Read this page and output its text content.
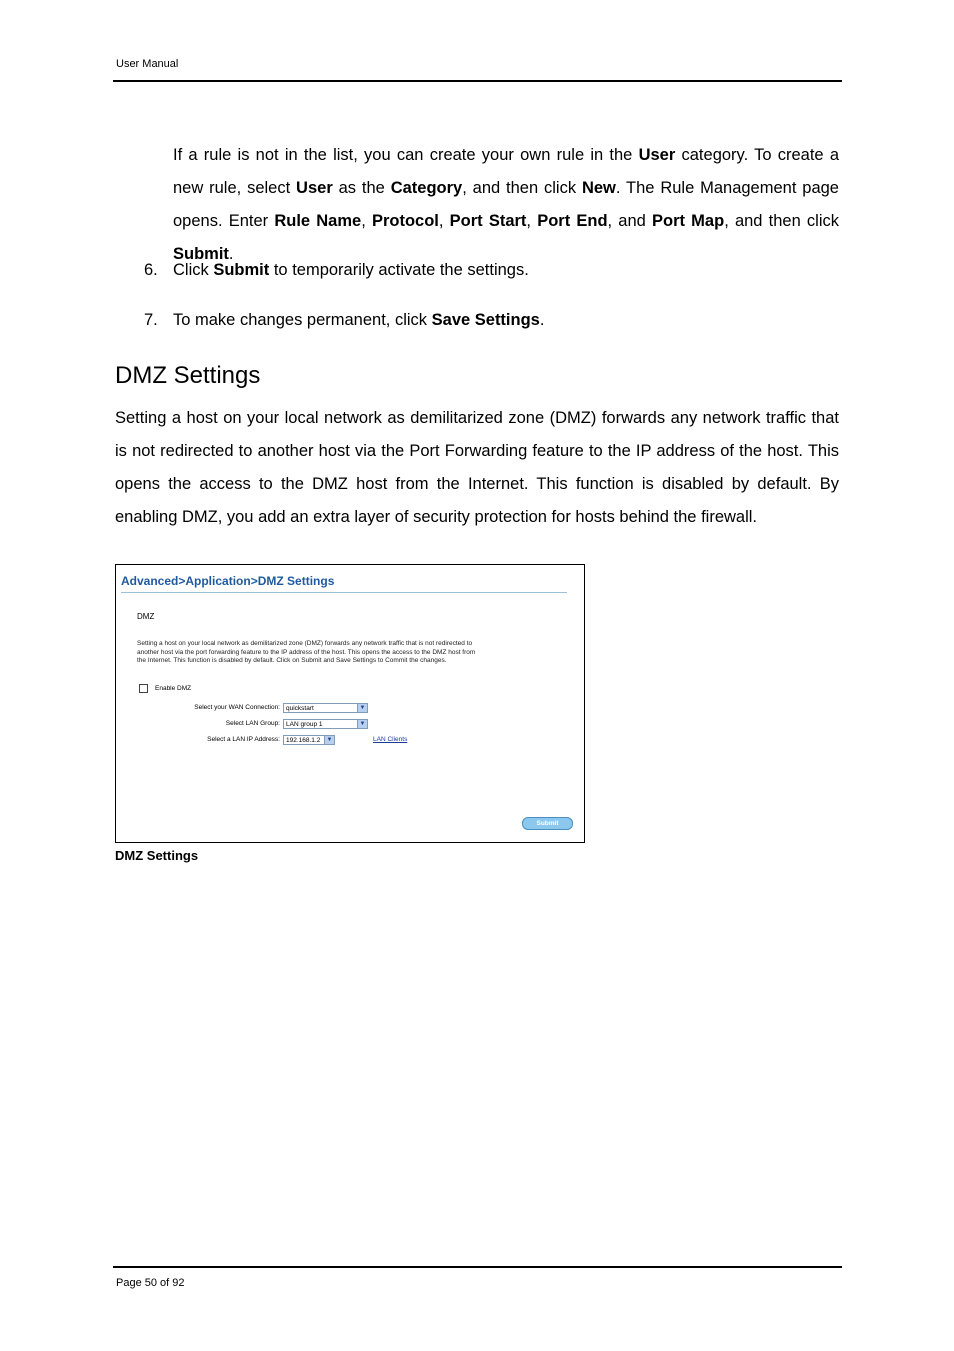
User Manual
If a rule is not in the list, you can create your own rule in the User category. To create a new rule, select User as the Category, and then click New. The Rule Management page opens. Enter Rule Name, Protocol, Port Start, Port End, and Port Map, and then click Submit.
6. Click Submit to temporarily activate the settings.
7. To make changes permanent, click Save Settings.
DMZ Settings
Setting a host on your local network as demilitarized zone (DMZ) forwards any network traffic that is not redirected to another host via the Port Forwarding feature to the IP address of the host. This opens the access to the DMZ host from the Internet. This function is disabled by default. By enabling DMZ, you add an extra layer of security protection for hosts behind the firewall.
Advanced>Application>DMZ Settings
DMZ
Setting a host on your local network as demilitarized zone (DMZ) forwards any network traffic that is not redirected to another host via the port forwarding feature to the IP address of the host. This opens the access to the DMZ host from the Internet. This function is disabled by default. Click on Submit and Save Settings to Commit the changes.
Enable DMZ
Select your WAN Connection: quickstart	▼
Select LAN Group: LAN group 1	▼
Select a LAN IP Address: 192.168.1.2	▼	LAN Clients
Submit
DMZ Settings
Page 50 of 92
